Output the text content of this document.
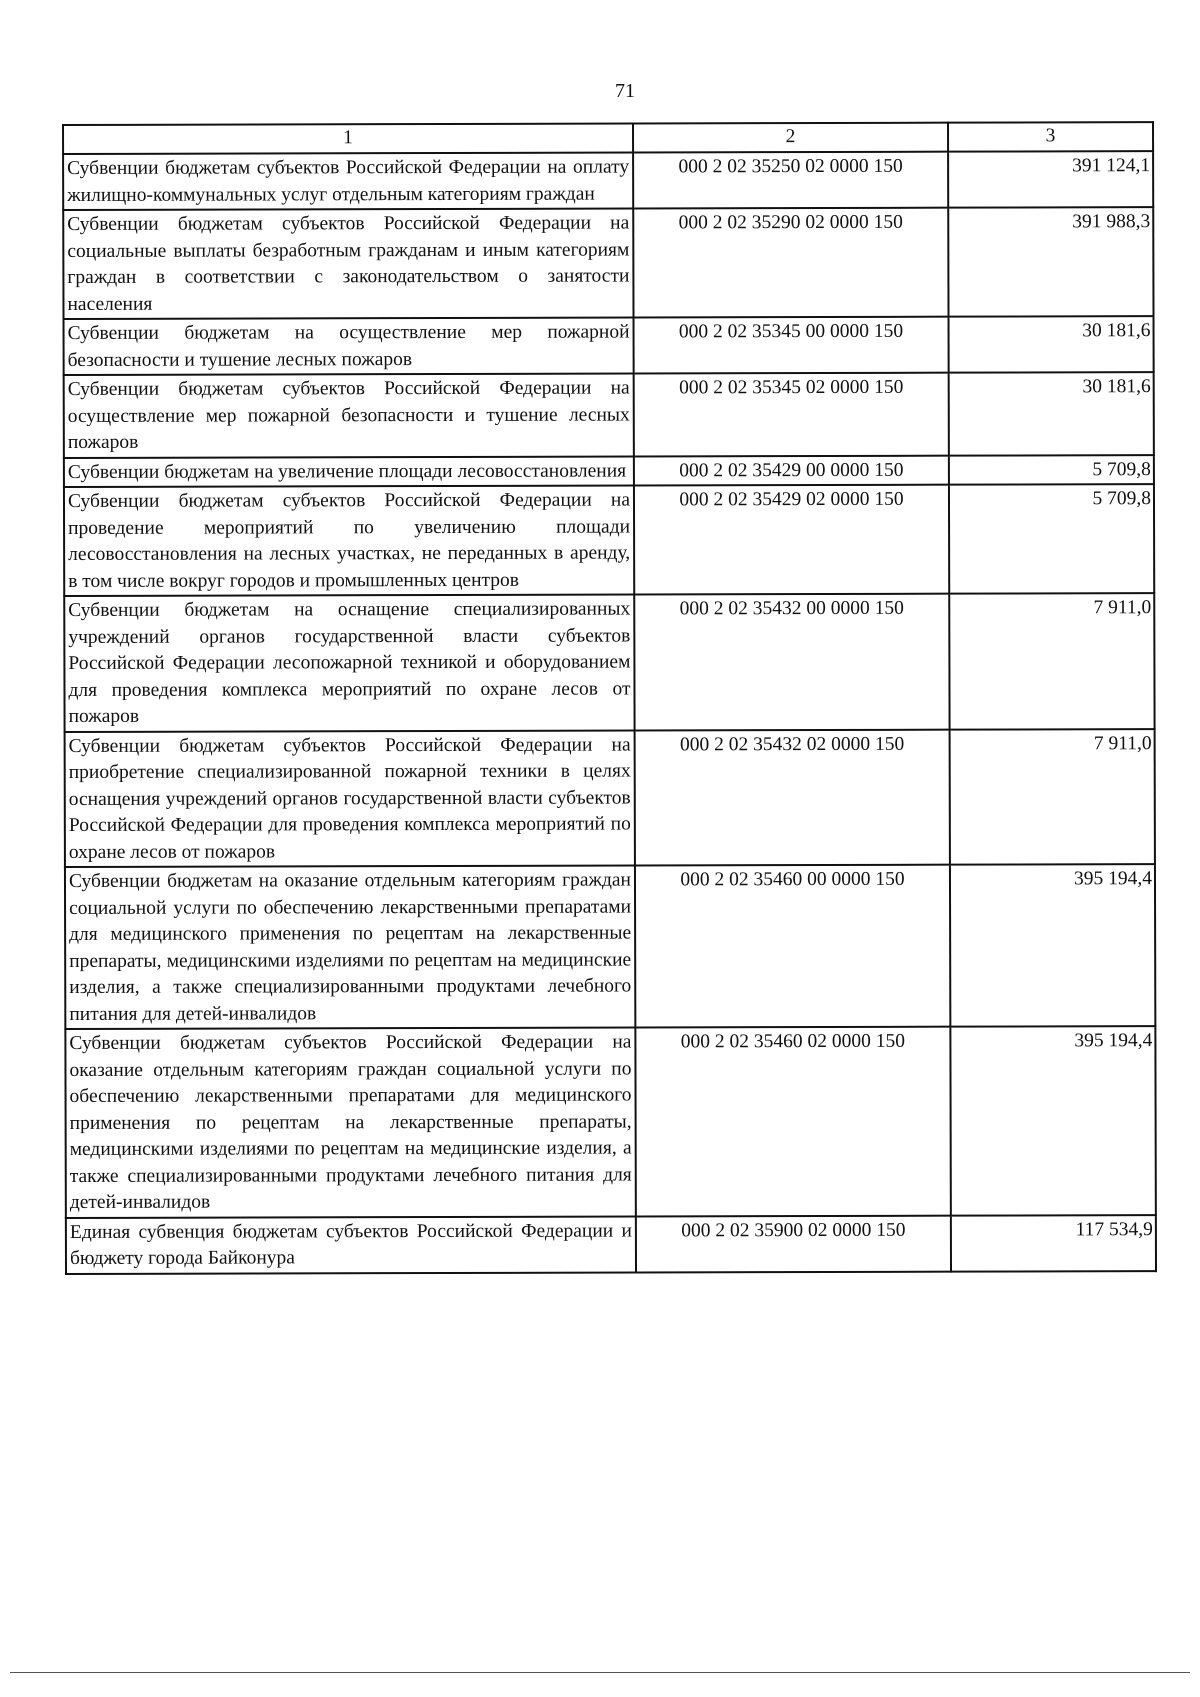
71
1	2	3
Субвенции бюджетам субъектов Российской Федерации на оплату жилищно-коммунальных услуг отдельным категориям граждан	000 2 02 35250 02 0000 150	391 124,1
Субвенции бюджетам субъектов Российской Федерации на социальные выплаты безработным гражданам и иным категориям граждан в соответствии с законодательством о занятости населения	000 2 02 35290 02 0000 150	391 988,3
Субвенции бюджетам на осуществление мер пожарной безопасности и тушение лесных пожаров	000 2 02 35345 00 0000 150	30 181,6
Субвенции бюджетам субъектов Российской Федерации на осуществление мер пожарной безопасности и тушение лесных пожаров	000 2 02 35345 02 0000 150	30 181,6
Субвенции бюджетам на увеличение площади лесовосстановления	000 2 02 35429 00 0000 150	5 709,8
Субвенции бюджетам субъектов Российской Федерации на проведение мероприятий по увеличению площади лесовосстановления на лесных участках, не переданных в аренду, в том числе вокруг городов и промышленных центров	000 2 02 35429 02 0000 150	5 709,8
Субвенции бюджетам на оснащение специализированных учреждений органов государственной власти субъектов Российской Федерации лесопожарной техникой и оборудованием для проведения комплекса мероприятий по охране лесов от пожаров	000 2 02 35432 00 0000 150	7 911,0
Субвенции бюджетам субъектов Российской Федерации на приобретение специализированной пожарной техники в целях оснащения учреждений органов государственной власти субъектов Российской Федерации для проведения комплекса мероприятий по охране лесов от пожаров	000 2 02 35432 02 0000 150	7 911,0
Субвенции бюджетам на оказание отдельным категориям граждан социальной услуги по обеспечению лекарственными препаратами для медицинского применения по рецептам на лекарственные препараты, медицинскими изделиями по рецептам на медицинские изделия, а также специализированными продуктами лечебного питания для детей-инвалидов	000 2 02 35460 00 0000 150	395 194,4
Субвенции бюджетам субъектов Российской Федерации на оказание отдельным категориям граждан социальной услуги по обеспечению лекарственными препаратами для медицинского применения по рецептам на лекарственные препараты, медицинскими изделиями по рецептам на медицинские изделия, а также специализированными продуктами лечебного питания для детей-инвалидов	000 2 02 35460 02 0000 150	395 194,4
Единая субвенция бюджетам субъектов Российской Федерации и бюджету города Байконура	000 2 02 35900 02 0000 150	117 534,9
